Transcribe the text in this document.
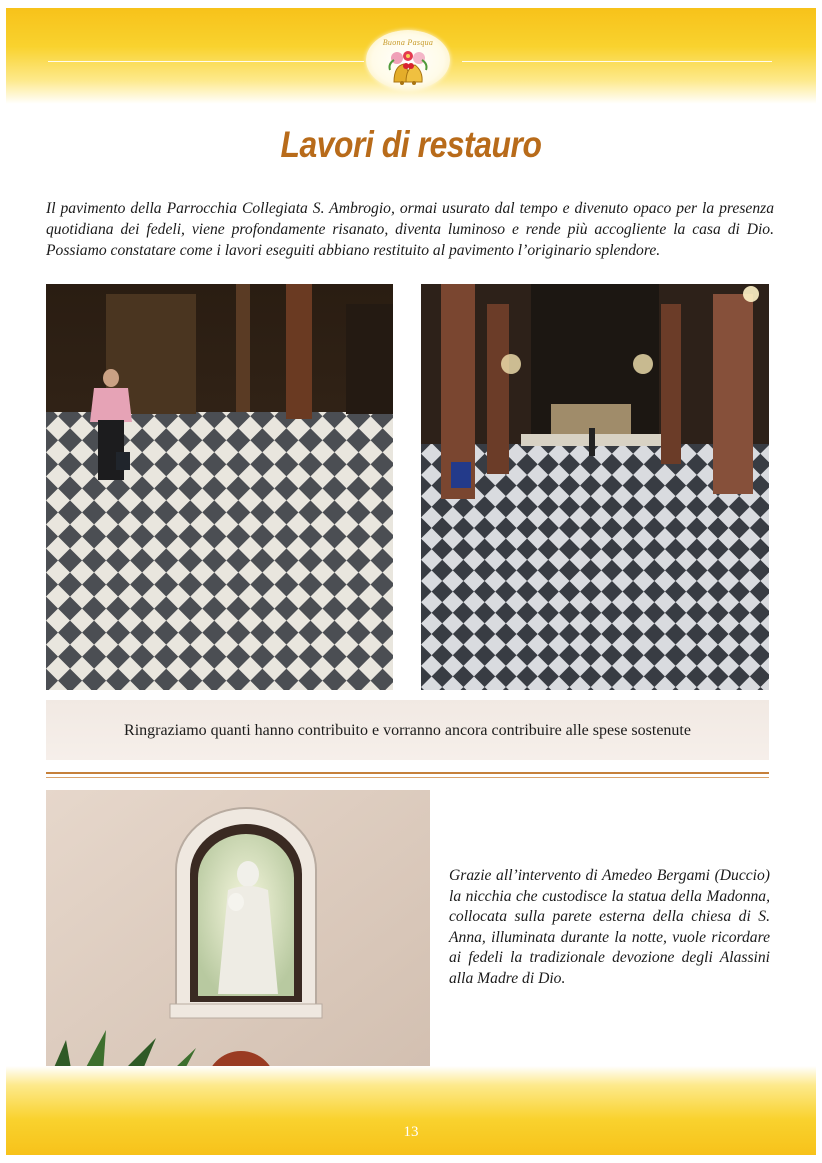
Buona Pasqua
Lavori di restauro
Il pavimento della Parrocchia Collegiata S. Ambrogio, ormai usurato dal tempo e divenuto opaco per la presenza quotidiana dei fedeli, viene profondamente risanato, diventa luminoso e rende più accogliente la casa di Dio. Possiamo constatare come i lavori eseguiti abbiano restituito al pavimento l’originario splendore.
Ringraziamo quanti hanno contribuito e vorranno ancora contribuire alle spese sostenute
Grazie all’intervento di Amedeo Bergami (Duccio) la nicchia che custodisce la statua della Madonna, collocata sulla parete esterna della chiesa di S. Anna, illuminata durante la notte, vuole ricordare ai fedeli la tradizionale devozione degli Alassini alla Madre di Dio.
13
